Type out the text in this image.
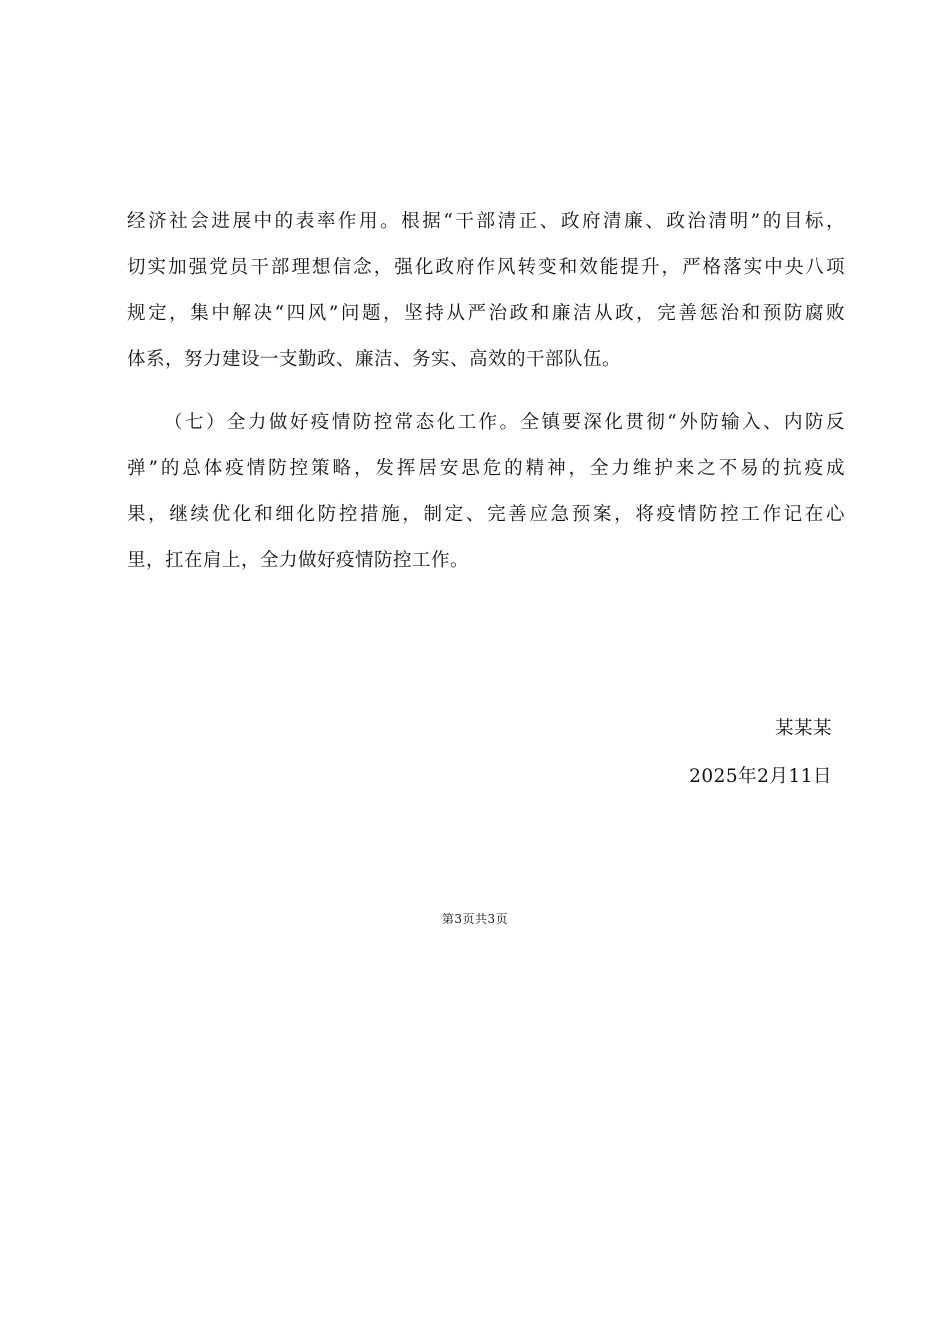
经济社会进展中的表率作用。根据“干部清正、政府清廉、政治清明”的目标，
切实加强党员干部理想信念，强化政府作风转变和效能提升，严格落实中央八项
规定，集中解决“四风”问题，坚持从严治政和廉洁从政，完善惩治和预防腐败
体系，努力建设一支勤政、廉洁、务实、高效的干部队伍。
（七）全力做好疫情防控常态化工作。全镇要深化贯彻“外防输入、内防反
弹”的总体疫情防控策略，发挥居安思危的精神，全力维护来之不易的抗疫成
果，继续优化和细化防控措施，制定、完善应急预案，将疫情防控工作记在心
里，扛在肩上，全力做好疫情防控工作。
某某某
2025年2月11日
第3页共3页
